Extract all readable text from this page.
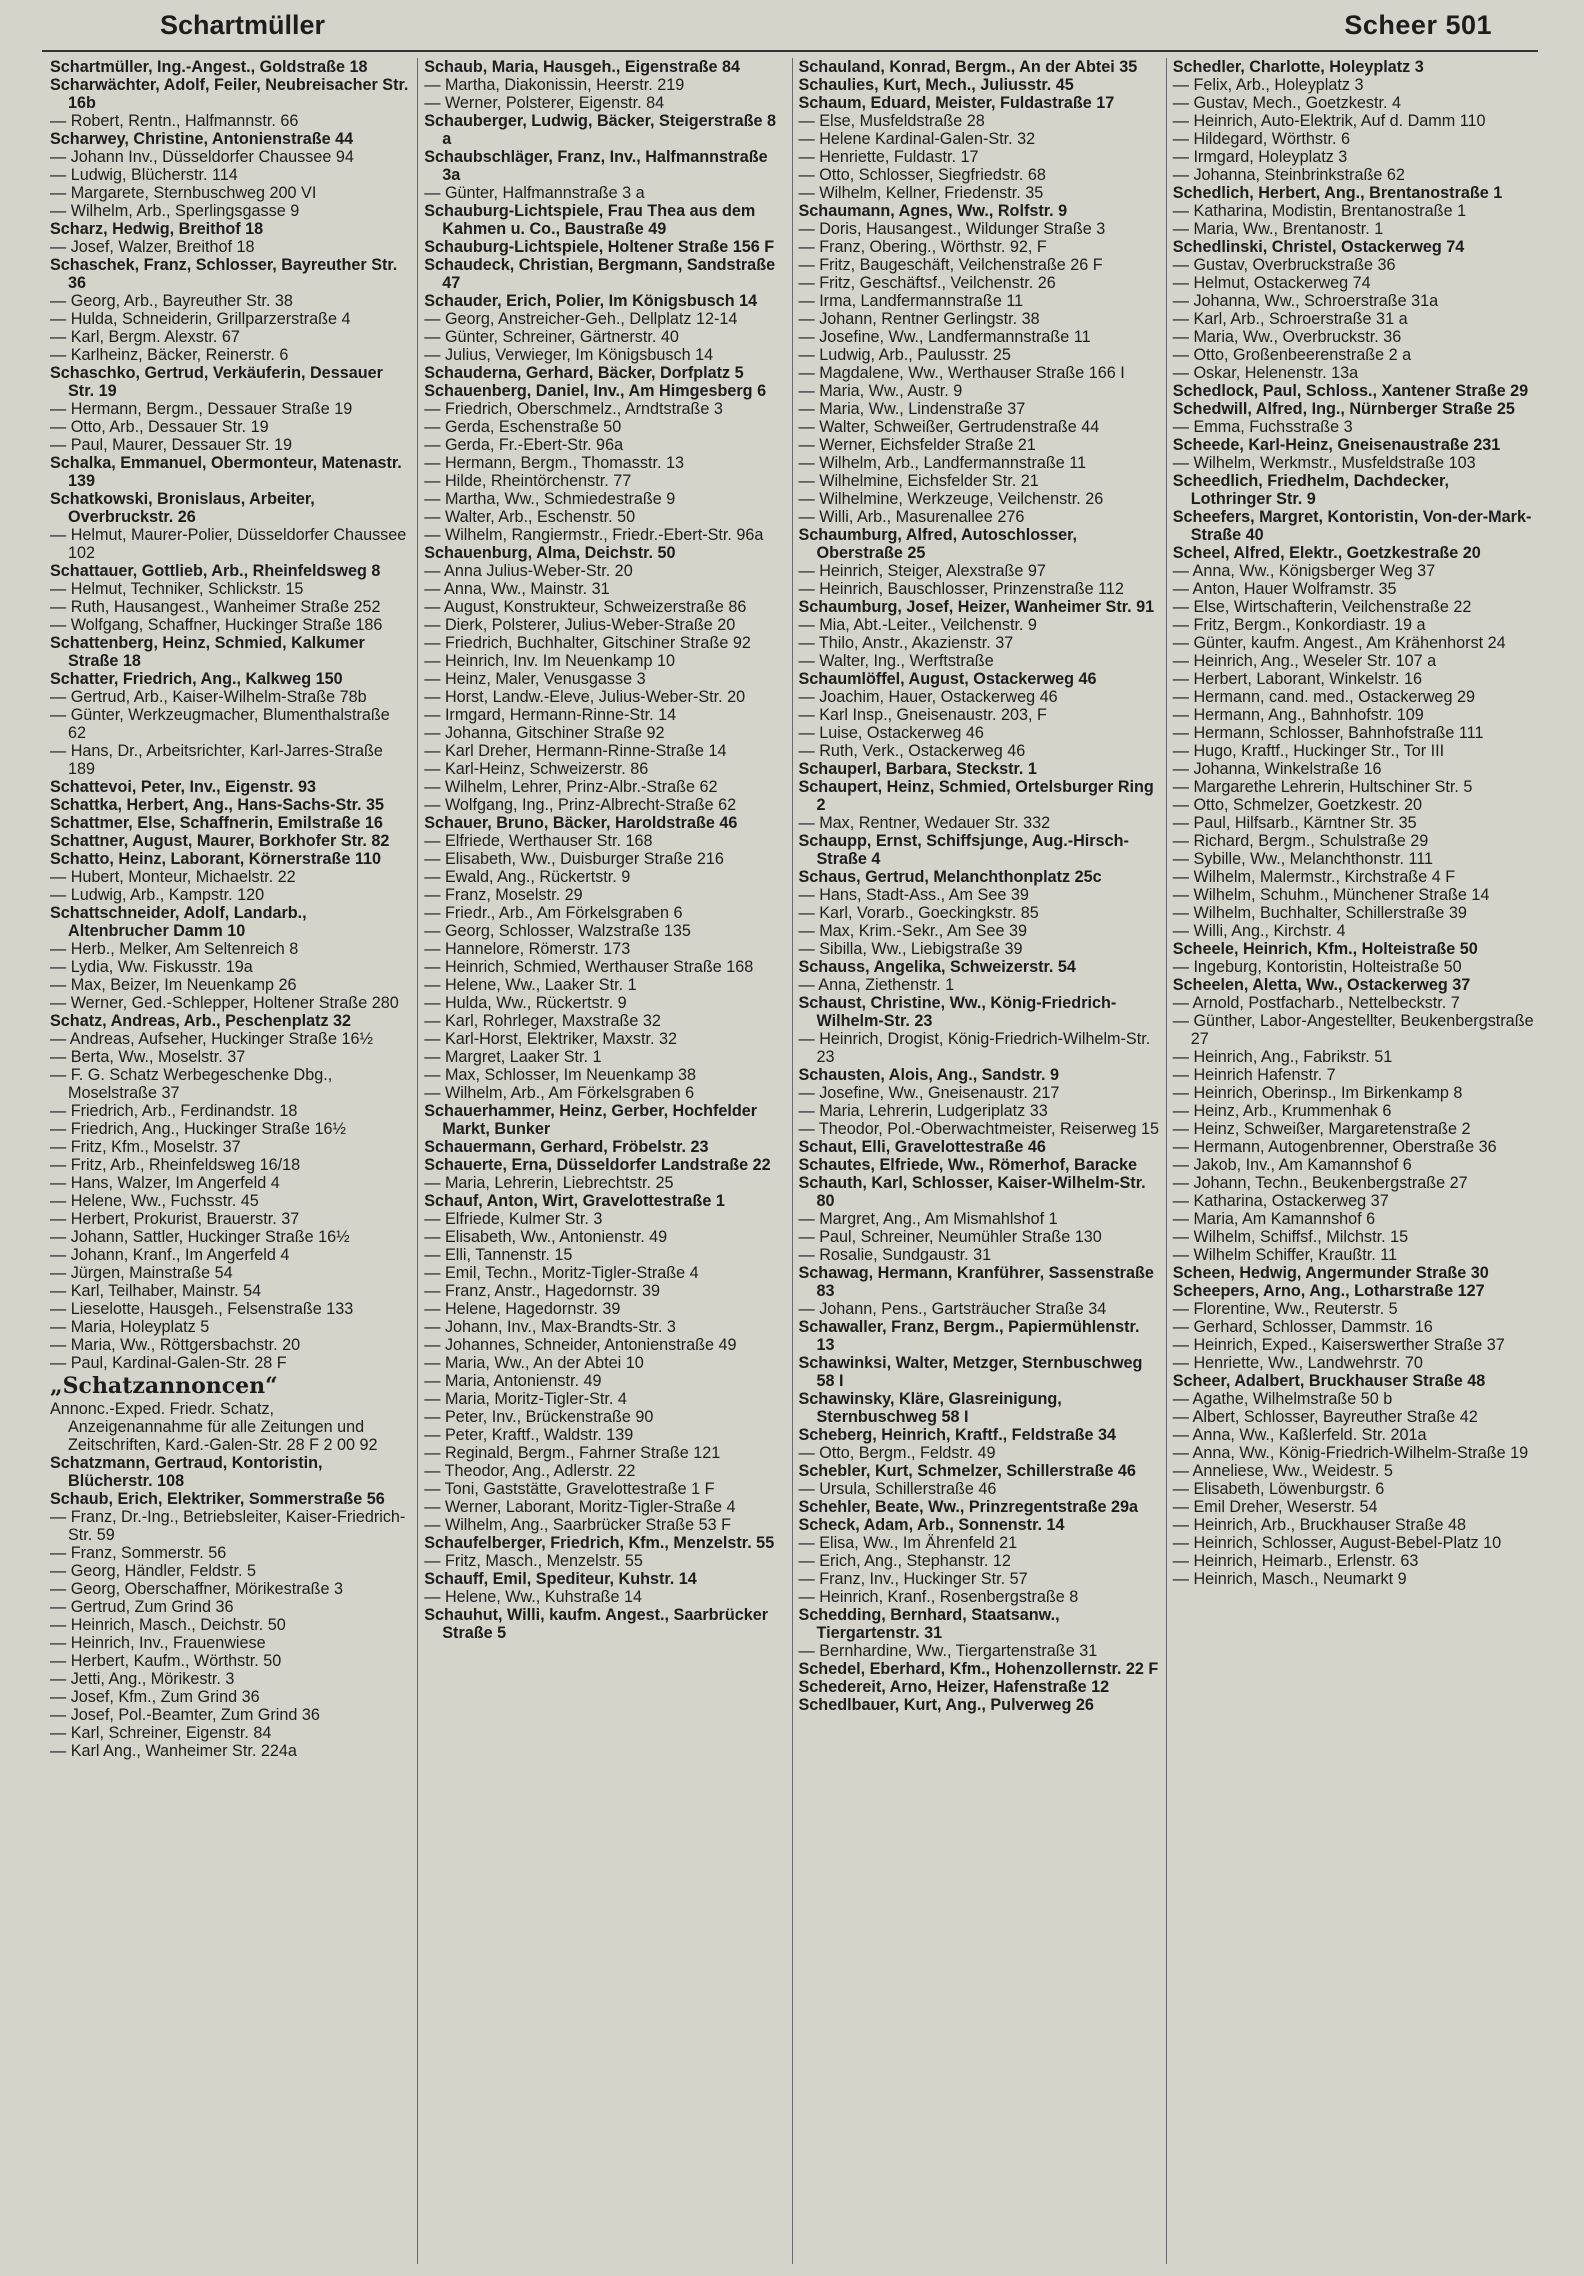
Schartmüller	Scheer 501

Schartmüller, Ing.-Angest., Goldstraße 18

Scharwächter, Adolf, Feiler, Neubreisacher Str. 16b

— Robert, Rentn., Halfmannstr. 66

Scharwey, Christine, Antonienstraße 44

— Johann Inv., Düsseldorfer Chaussee 94

— Ludwig, Blücherstr. 114

— Margarete, Sternbuschweg 200 VI

— Wilhelm, Arb., Sperlingsgasse 9

Scharz, Hedwig, Breithof 18

— Josef, Walzer, Breithof 18

Schaschek, Franz, Schlosser, Bayreuther Str. 36

— Georg, Arb., Bayreuther Str. 38

— Hulda, Schneiderin, Grillparzerstraße 4

— Karl, Bergm. Alexstr. 67

— Karlheinz, Bäcker, Reinerstr. 6

Schaschko, Gertrud, Verkäuferin, Dessauer Str. 19

— Hermann, Bergm., Dessauer Straße 19

— Otto, Arb., Dessauer Str. 19

— Paul, Maurer, Dessauer Str. 19

Schalka, Emmanuel, Obermonteur, Matenastr. 139

Schatkowski, Bronislaus, Arbeiter, Overbruckstr. 26

— Helmut, Maurer-Polier, Düsseldorfer Chaussee 102

Schattauer, Gottlieb, Arb., Rheinfeldsweg 8

— Helmut, Techniker, Schlickstr. 15

— Ruth, Hausangest., Wanheimer Straße 252

— Wolfgang, Schaffner, Huckinger Straße 186

Schattenberg, Heinz, Schmied, Kalkumer Straße 18

Schatter, Friedrich, Ang., Kalkweg 150

— Gertrud, Arb., Kaiser-Wilhelm-Straße 78b

— Günter, Werkzeugmacher, Blumenthalstraße 62

— Hans, Dr., Arbeitsrichter, Karl-Jarres-Straße 189

Schattevoi, Peter, Inv., Eigenstr. 93

Schattka, Herbert, Ang., Hans-Sachs-Str. 35

Schattmer, Else, Schaffnerin, Emilstraße 16

Schattner, August, Maurer, Borkhofer Str. 82

Schatto, Heinz, Laborant, Körnerstraße 110

— Hubert, Monteur, Michaelstr. 22

— Ludwig, Arb., Kampstr. 120

Schattschneider, Adolf, Landarb., Altenbrucher Damm 10

— Herb., Melker, Am Seltenreich 8

— Lydia, Ww. Fiskusstr. 19a

— Max, Beizer, Im Neuenkamp 26

— Werner, Ged.-Schlepper, Holtener Straße 280

Schatz, Andreas, Arb., Peschenplatz 32

— Andreas, Aufseher, Huckinger Straße 16½

— Berta, Ww., Moselstr. 37

— F. G. Schatz Werbegeschenke Dbg., Moselstraße 37

— Friedrich, Arb., Ferdinandstr. 18

— Friedrich, Ang., Huckinger Straße 16½

— Fritz, Kfm., Moselstr. 37

— Fritz, Arb., Rheinfeldsweg 16/18

— Hans, Walzer, Im Angerfeld 4

— Helene, Ww., Fuchsstr. 45

— Herbert, Prokurist, Brauerstr. 37

— Johann, Sattler, Huckinger Straße 16½

— Johann, Kranf., Im Angerfeld 4

— Jürgen, Mainstraße 54

— Karl, Teilhaber, Mainstr. 54

— Lieselotte, Hausgeh., Felsenstraße 133

— Maria, Holeyplatz 5

— Maria, Ww., Röttgersbachstr. 20

— Paul, Kardinal-Galen-Str. 28 F

„Schatzannoncen“

Annonc.-Exped. Friedr. Schatz, Anzeigenannahme für alle Zeitungen und Zeitschriften, Kard.-Galen-Str. 28 F 2 00 92

Schatzmann, Gertraud, Kontoristin, Blücherstr. 108

Schaub, Erich, Elektriker, Sommerstraße 56

— Franz, Dr.-Ing., Betriebsleiter, Kaiser-Friedrich-Str. 59

— Franz, Sommerstr. 56

— Georg, Händler, Feldstr. 5

— Georg, Oberschaffner, Mörikestraße 3

— Gertrud, Zum Grind 36

— Heinrich, Masch., Deichstr. 50

— Heinrich, Inv., Frauenwiese

— Herbert, Kaufm., Wörthstr. 50

— Jetti, Ang., Mörikestr. 3

— Josef, Kfm., Zum Grind 36

— Josef, Pol.-Beamter, Zum Grind 36

— Karl, Schreiner, Eigenstr. 84

— Karl Ang., Wanheimer Str. 224a

Schaub, Maria, Hausgeh., Eigenstraße 84

— Martha, Diakonissin, Heerstr. 219

— Werner, Polsterer, Eigenstr. 84

Schauberger, Ludwig, Bäcker, Steigerstraße 8 a

Schaubschläger, Franz, Inv., Halfmannstraße 3a

— Günter, Halfmannstraße 3 a

Schauburg-Lichtspiele, Frau Thea aus dem Kahmen u. Co., Baustraße 49

Schauburg-Lichtspiele, Holtener Straße 156 F

Schaudeck, Christian, Bergmann, Sandstraße 47

Schauder, Erich, Polier, Im Königsbusch 14

— Georg, Anstreicher-Geh., Dellplatz 12-14

— Günter, Schreiner, Gärtnerstr. 40

— Julius, Verwieger, Im Königsbusch 14

Schauderna, Gerhard, Bäcker, Dorfplatz 5

Schauenberg, Daniel, Inv., Am Himgesberg 6

— Friedrich, Oberschmelz., Arndtstraße 3

— Gerda, Eschenstraße 50

— Gerda, Fr.-Ebert-Str. 96a

— Hermann, Bergm., Thomasstr. 13

— Hilde, Rheintörchenstr. 77

— Martha, Ww., Schmiedestraße 9

— Walter, Arb., Eschenstr. 50

— Wilhelm, Rangiermstr., Friedr.-Ebert-Str. 96a

Schauenburg, Alma, Deichstr. 50

— Anna Julius-Weber-Str. 20

— Anna, Ww., Mainstr. 31

— August, Konstrukteur, Schweizerstraße 86

— Dierk, Polsterer, Julius-Weber-Straße 20

— Friedrich, Buchhalter, Gitschiner Straße 92

— Heinrich, Inv. Im Neuenkamp 10

— Heinz, Maler, Venusgasse 3

— Horst, Landw.-Eleve, Julius-Weber-Str. 20

— Irmgard, Hermann-Rinne-Str. 14

— Johanna, Gitschiner Straße 92

— Karl Dreher, Hermann-Rinne-Straße 14

— Karl-Heinz, Schweizerstr. 86

— Wilhelm, Lehrer, Prinz-Albr.-Straße 62

— Wolfgang, Ing., Prinz-Albrecht-Straße 62

Schauer, Bruno, Bäcker, Haroldstraße 46

— Elfriede, Werthauser Str. 168

— Elisabeth, Ww., Duisburger Straße 216

— Ewald, Ang., Rückertstr. 9

— Franz, Moselstr. 29

— Friedr., Arb., Am Förkelsgraben 6

— Georg, Schlosser, Walzstraße 135

— Hannelore, Römerstr. 173

— Heinrich, Schmied, Werthauser Straße 168

— Helene, Ww., Laaker Str. 1

— Hulda, Ww., Rückertstr. 9

— Karl, Rohrleger, Maxstraße 32

— Karl-Horst, Elektriker, Maxstr. 32

— Margret, Laaker Str. 1

— Max, Schlosser, Im Neuenkamp 38

— Wilhelm, Arb., Am Förkelsgraben 6

Schauerhammer, Heinz, Gerber, Hochfelder Markt, Bunker

Schauermann, Gerhard, Fröbelstr. 23

Schauerte, Erna, Düsseldorfer Landstraße 22

— Maria, Lehrerin, Liebrechtstr. 25

Schauf, Anton, Wirt, Gravelottestraße 1

— Elfriede, Kulmer Str. 3

— Elisabeth, Ww., Antonienstr. 49

— Elli, Tannenstr. 15

— Emil, Techn., Moritz-Tigler-Straße 4

— Franz, Anstr., Hagedornstr. 39

— Helene, Hagedornstr. 39

— Johann, Inv., Max-Brandts-Str. 3

— Johannes, Schneider, Antonienstraße 49

— Maria, Ww., An der Abtei 10

— Maria, Antonienstr. 49

— Maria, Moritz-Tigler-Str. 4

— Peter, Inv., Brückenstraße 90

— Peter, Kraftf., Waldstr. 139

— Reginald, Bergm., Fahrner Straße 121

— Theodor, Ang., Adlerstr. 22

— Toni, Gaststätte, Gravelottestraße 1 F

— Werner, Laborant, Moritz-Tigler-Straße 4

— Wilhelm, Ang., Saarbrücker Straße 53 F

Schaufelberger, Friedrich, Kfm., Menzelstr. 55

— Fritz, Masch., Menzelstr. 55

Schauff, Emil, Spediteur, Kuhstr. 14

— Helene, Ww., Kuhstraße 14

Schauhut, Willi, kaufm. Angest., Saarbrücker Straße 5

Schauland, Konrad, Bergm., An der Abtei 35

Schaulies, Kurt, Mech., Juliusstr. 45

Schaum, Eduard, Meister, Fuldastraße 17

— Else, Musfeldstraße 28

— Helene Kardinal-Galen-Str. 32

— Henriette, Fuldastr. 17

— Otto, Schlosser, Siegfriedstr. 68

— Wilhelm, Kellner, Friedenstr. 35

Schaumann, Agnes, Ww., Rolfstr. 9

— Doris, Hausangest., Wildunger Straße 3

— Franz, Obering., Wörthstr. 92, F

— Fritz, Baugeschäft, Veilchenstraße 26 F

— Fritz, Geschäftsf., Veilchenstr. 26

— Irma, Landfermannstraße 11

— Johann, Rentner Gerlingstr. 38

— Josefine, Ww., Landfermannstraße 11

— Ludwig, Arb., Paulusstr. 25

— Magdalene, Ww., Werthauser Straße 166 I

— Maria, Ww., Austr. 9

— Maria, Ww., Lindenstraße 37

— Walter, Schweißer, Gertrudenstraße 44

— Werner, Eichsfelder Straße 21

— Wilhelm, Arb., Landfermannstraße 11

— Wilhelmine, Eichsfelder Str. 21

— Wilhelmine, Werkzeuge, Veilchenstr. 26

— Willi, Arb., Masurenallee 276

Schaumburg, Alfred, Autoschlosser, Oberstraße 25

— Heinrich, Steiger, Alexstraße 97

— Heinrich, Bauschlosser, Prinzenstraße 112

Schaumburg, Josef, Heizer, Wanheimer Str. 91

— Mia, Abt.-Leiter., Veilchenstr. 9

— Thilo, Anstr., Akazienstr. 37

— Walter, Ing., Werftstraße

Schaumlöffel, August, Ostackerweg 46

— Joachim, Hauer, Ostackerweg 46

— Karl Insp., Gneisenaustr. 203, F

— Luise, Ostackerweg 46

— Ruth, Verk., Ostackerweg 46

Schauperl, Barbara, Steckstr. 1

Schaupert, Heinz, Schmied, Ortelsburger Ring 2

— Max, Rentner, Wedauer Str. 332

Schaupp, Ernst, Schiffsjunge, Aug.-Hirsch-Straße 4

Schaus, Gertrud, Melanchthonplatz 25c

— Hans, Stadt-Ass., Am See 39

— Karl, Vorarb., Goeckingkstr. 85

— Max, Krim.-Sekr., Am See 39

— Sibilla, Ww., Liebigstraße 39

Schauss, Angelika, Schweizerstr. 54

— Anna, Ziethenstr. 1

Schaust, Christine, Ww., König-Friedrich-Wilhelm-Str. 23

— Heinrich, Drogist, König-Friedrich-Wilhelm-Str. 23

Schausten, Alois, Ang., Sandstr. 9

— Josefine, Ww., Gneisenaustr. 217

— Maria, Lehrerin, Ludgeriplatz 33

— Theodor, Pol.-Oberwachtmeister, Reiserweg 15

Schaut, Elli, Gravelottestraße 46

Schautes, Elfriede, Ww., Römerhof, Baracke

Schauth, Karl, Schlosser, Kaiser-Wilhelm-Str. 80

— Margret, Ang., Am Mismahlshof 1

— Paul, Schreiner, Neumühler Straße 130

— Rosalie, Sundgaustr. 31

Schawag, Hermann, Kranführer, Sassenstraße 83

— Johann, Pens., Gartsträucher Straße 34

Schawaller, Franz, Bergm., Papiermühlenstr. 13

Schawinksi, Walter, Metzger, Sternbuschweg 58 I

Schawinsky, Kläre, Glasreinigung, Sternbuschweg 58 I

Scheberg, Heinrich, Kraftf., Feldstraße 34

— Otto, Bergm., Feldstr. 49

Schebler, Kurt, Schmelzer, Schillerstraße 46

— Ursula, Schillerstraße 46

Schehler, Beate, Ww., Prinzregentstraße 29a

Scheck, Adam, Arb., Sonnenstr. 14

— Elisa, Ww., Im Ährenfeld 21

— Erich, Ang., Stephanstr. 12

— Franz, Inv., Huckinger Str. 57

— Heinrich, Kranf., Rosenbergstraße 8

Schedding, Bernhard, Staatsanw., Tiergartenstr. 31

— Bernhardine, Ww., Tiergartenstraße 31

Schedel, Eberhard, Kfm., Hohenzollernstr. 22 F

Schedereit, Arno, Heizer, Hafenstraße 12

Schedlbauer, Kurt, Ang., Pulverweg 26

Schedler, Charlotte, Holeyplatz 3

— Felix, Arb., Holeyplatz 3

— Gustav, Mech., Goetzkestr. 4

— Heinrich, Auto-Elektrik, Auf d. Damm 110

— Hildegard, Wörthstr. 6

— Irmgard, Holeyplatz 3

— Johanna, Steinbrinkstraße 62

Schedlich, Herbert, Ang., Brentanostraße 1

— Katharina, Modistin, Brentanostraße 1

— Maria, Ww., Brentanostr. 1

Schedlinski, Christel, Ostackerweg 74

— Gustav, Overbruckstraße 36

— Helmut, Ostackerweg 74

— Johanna, Ww., Schroerstraße 31a

— Karl, Arb., Schroerstraße 31 a

— Maria, Ww., Overbruckstr. 36

— Otto, Großenbeerenstraße 2 a

— Oskar, Helenenstr. 13a

Schedlock, Paul, Schloss., Xantener Straße 29

Schedwill, Alfred, Ing., Nürnberger Straße 25

— Emma, Fuchsstraße 3

Scheede, Karl-Heinz, Gneisenaustraße 231

— Wilhelm, Werkmstr., Musfeldstraße 103

Scheedlich, Friedhelm, Dachdecker, Lothringer Str. 9

Scheefers, Margret, Kontoristin, Von-der-Mark-Straße 40

Scheel, Alfred, Elektr., Goetzkestraße 20

— Anna, Ww., Königsberger Weg 37

— Anton, Hauer Wolframstr. 35

— Else, Wirtschafterin, Veilchenstraße 22

— Fritz, Bergm., Konkordiastr. 19 a

— Günter, kaufm. Angest., Am Krähenhorst 24

— Heinrich, Ang., Weseler Str. 107 a

— Herbert, Laborant, Winkelstr. 16

— Hermann, cand. med., Ostackerweg 29

— Hermann, Ang., Bahnhofstr. 109

— Hermann, Schlosser, Bahnhofstraße 111

— Hugo, Kraftf., Huckinger Str., Tor III

— Johanna, Winkelstraße 16

— Margarethe Lehrerin, Hultschiner Str. 5

— Otto, Schmelzer, Goetzkestr. 20

— Paul, Hilfsarb., Kärntner Str. 35

— Richard, Bergm., Schulstraße 29

— Sybille, Ww., Melanchthonstr. 111

— Wilhelm, Malermstr., Kirchstraße 4 F

— Wilhelm, Schuhm., Münchener Straße 14

— Wilhelm, Buchhalter, Schillerstraße 39

— Willi, Ang., Kirchstr. 4

Scheele, Heinrich, Kfm., Holteistraße 50

— Ingeburg, Kontoristin, Holteistraße 50

Scheelen, Aletta, Ww., Ostackerweg 37

— Arnold, Postfacharb., Nettelbeckstr. 7

— Günther, Labor-Angestellter, Beukenbergstraße 27

— Heinrich, Ang., Fabrikstr. 51

— Heinrich Hafenstr. 7

— Heinrich, Oberinsp., Im Birkenkamp 8

— Heinz, Arb., Krummenhak 6

— Heinz, Schweißer, Margaretenstraße 2

— Hermann, Autogenbrenner, Oberstraße 36

— Jakob, Inv., Am Kamannshof 6

— Johann, Techn., Beukenbergstraße 27

— Katharina, Ostackerweg 37

— Maria, Am Kamannshof 6

— Wilhelm, Schiffsf., Milchstr. 15

— Wilhelm Schiffer, Kraußtr. 11

Scheen, Hedwig, Angermunder Straße 30

Scheepers, Arno, Ang., Lotharstraße 127

— Florentine, Ww., Reuterstr. 5

— Gerhard, Schlosser, Dammstr. 16

— Heinrich, Exped., Kaiserswerther Straße 37

— Henriette, Ww., Landwehrstr. 70

Scheer, Adalbert, Bruckhauser Straße 48

— Agathe, Wilhelmstraße 50 b

— Albert, Schlosser, Bayreuther Straße 42

— Anna, Ww., Kaßlerfeld. Str. 201a

— Anna, Ww., König-Friedrich-Wilhelm-Straße 19

— Anneliese, Ww., Weidestr. 5

— Elisabeth, Löwenburgstr. 6

— Emil Dreher, Weserstr. 54

— Heinrich, Arb., Bruckhauser Straße 48

— Heinrich, Schlosser, August-Bebel-Platz 10

— Heinrich, Heimarb., Erlenstr. 63

— Heinrich, Masch., Neumarkt 9
